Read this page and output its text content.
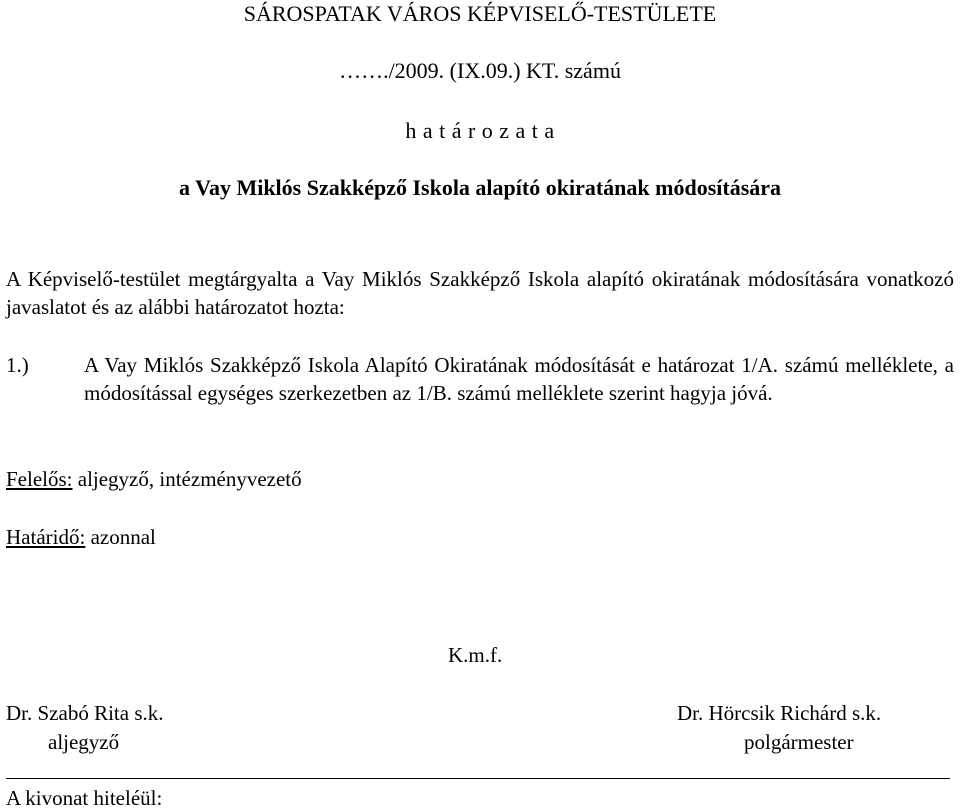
SÁROSPATAK VÁROS KÉPVISELŐ-TESTÜLETE
……./2009. (IX.09.) KT. számú
h a t á r o z a t a
a Vay Miklós Szakképző Iskola alapító okiratának módosítására
A Képviselő-testület megtárgyalta a Vay Miklós Szakképző Iskola alapító okiratának módosítására vonatkozó javaslatot és az alábbi határozatot hozta:
1.)	A Vay Miklós Szakképző Iskola Alapító Okiratának módosítását e határozat 1/A. számú melléklete, a módosítással egységes szerkezetben az 1/B. számú melléklete szerint hagyja jóvá.
Felelős: aljegyző, intézményvezető
Határidő: azonnal
K.m.f.
Dr. Szabó Rita s.k.
aljegyző
Dr. Hörcsik Richárd s.k.
polgármester
A kivonat hiteléül:
